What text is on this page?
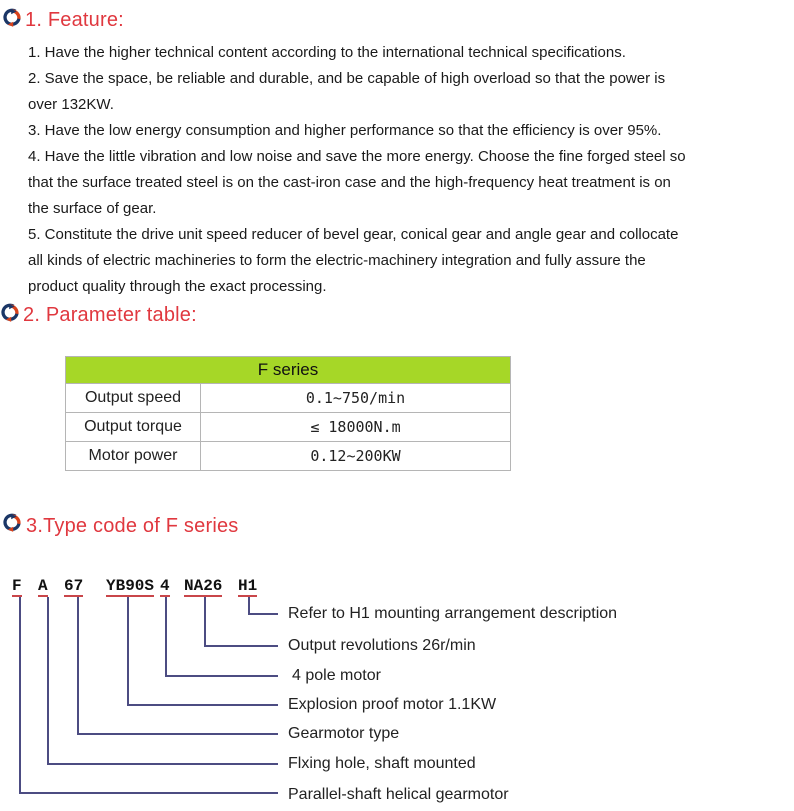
1. Feature:

1. Have the higher technical content according to the international technical specifications.

2. Save the space, be reliable and durable, and be capable of high overload so that the power is over 132KW.

3. Have the low energy consumption and higher performance so that the efficiency is over 95%.

4. Have the little vibration and low noise and save the more energy. Choose the fine forged steel so that the surface treated steel is on the cast-iron case and the high-frequency heat treatment is on the surface of gear.

5. Constitute the drive unit speed reducer of bevel gear, conical gear and angle gear and collocate all kinds of electric machineries to form the electric-machinery integration and fully assure the product quality through the exact processing.

2. Parameter table:
F series	
Output speed	0.1~750/min
Output torque	≤ 18000N.m
Motor power	0.12~200KW
3.Type code of F series
F A 67 YB90S 4 NA26 H1
Refer to H1 mounting arrangement description
Output revolutions 26r/min
4 pole motor
Explosion proof motor 1.1KW
Gearmotor type
Flxing hole, shaft mounted
Parallel-shaft helical gearmotor
